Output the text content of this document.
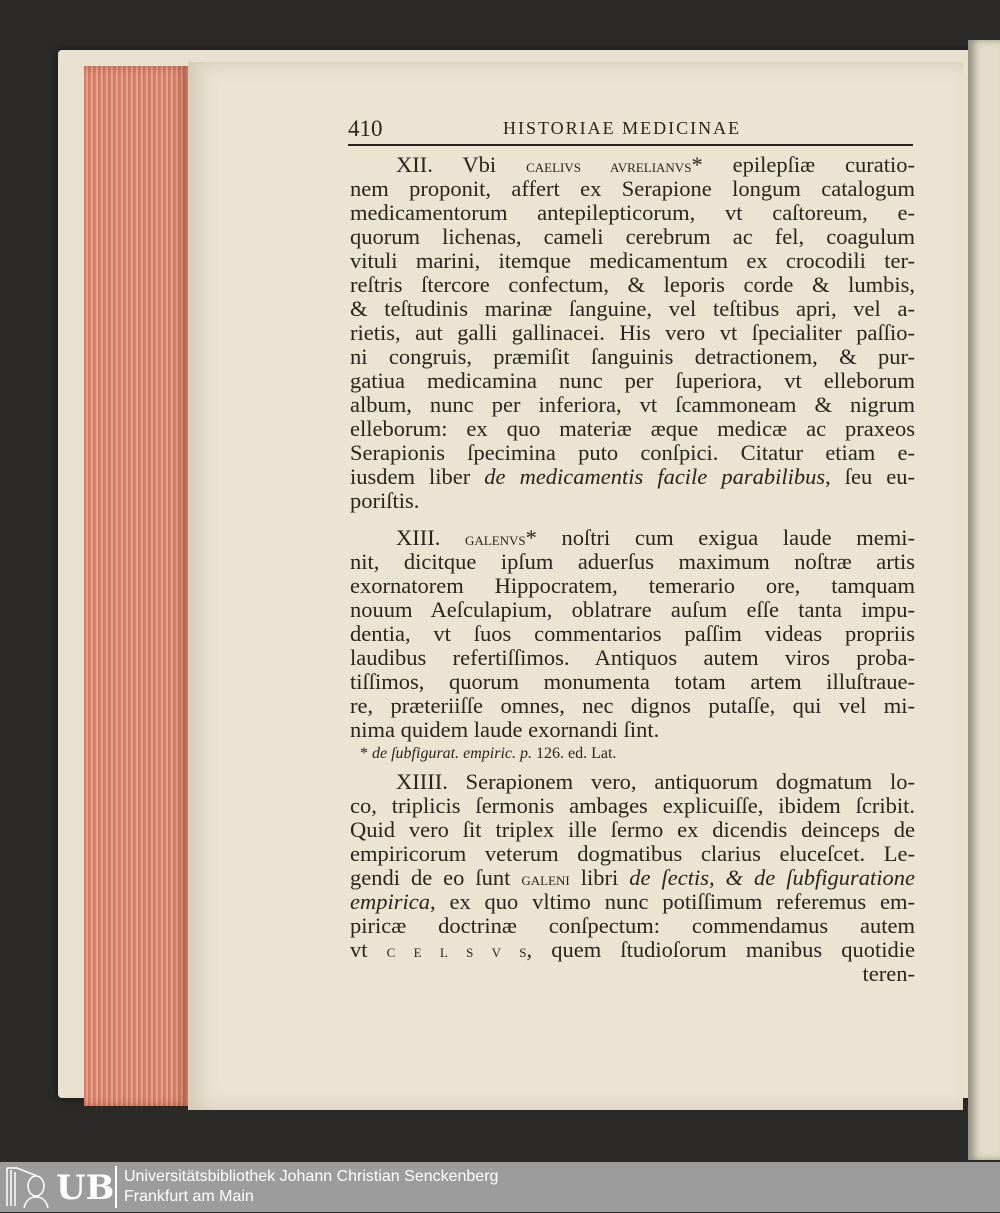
410	HISTORIAE MEDICINAE
XII. Vbi caelivs avrelianvs* epilepſiæ curatio-
nem proponit, affert ex Serapione longum catalogum
medicamentorum antepilepticorum, vt caſtoreum, e-
quorum lichenas, cameli cerebrum ac fel, coagulum
vituli marini, itemque medicamentum ex crocodili ter-
reſtris ſtercore confectum, & leporis corde & lumbis,
& teſtudinis marinæ ſanguine, vel teſtibus apri, vel a-
rietis, aut galli gallinacei. His vero vt ſpecialiter paſſio-
ni congruis, præmiſit ſanguinis detractionem, & pur-
gatiua medicamina nunc per ſuperiora, vt elleborum
album, nunc per inferiora, vt ſcammoneam & nigrum
elleborum: ex quo materiæ æque medicæ ac praxeos
Serapionis ſpecimina puto conſpici. Citatur etiam e-
iusdem liber de medicamentis facile parabilibus, ſeu eu-
poriſtis.
XIII. galenvs* noſtri cum exigua laude memi-
nit, dicitque ipſum aduerſus maximum noſtræ artis
exornatorem Hippocratem, temerario ore, tamquam
nouum Aeſculapium, oblatrare auſum eſſe tanta impu-
dentia, vt ſuos commentarios paſſim videas propriis
laudibus refertiſſimos. Antiquos autem viros proba-
tiſſimos, quorum monumenta totam artem illuſtraue-
re, præteriiſſe omnes, nec dignos putaſſe, qui vel mi-
nima quidem laude exornandi ſint.
* de ſubfigurat. empiric. p. 126. ed. Lat.
XIIII. Serapionem vero, antiquorum dogmatum lo-
co, triplicis ſermonis ambages explicuiſſe, ibidem ſcribit.
Quid vero ſit triplex ille ſermo ex dicendis deinceps de
empiricorum veterum dogmatibus clarius eluceſcet. Le-
gendi de eo ſunt galeni libri de ſectis, & de ſubfiguratione
empirica, ex quo vltimo nunc potiſſimum referemus em-
piricæ doctrinæ conſpectum: commendamus autem
vt c e l s v s, quem ſtudioſorum manibus quotidie
teren-
UB Universitätsbibliothek Johann Christian Senckenberg
Frankfurt am Main
